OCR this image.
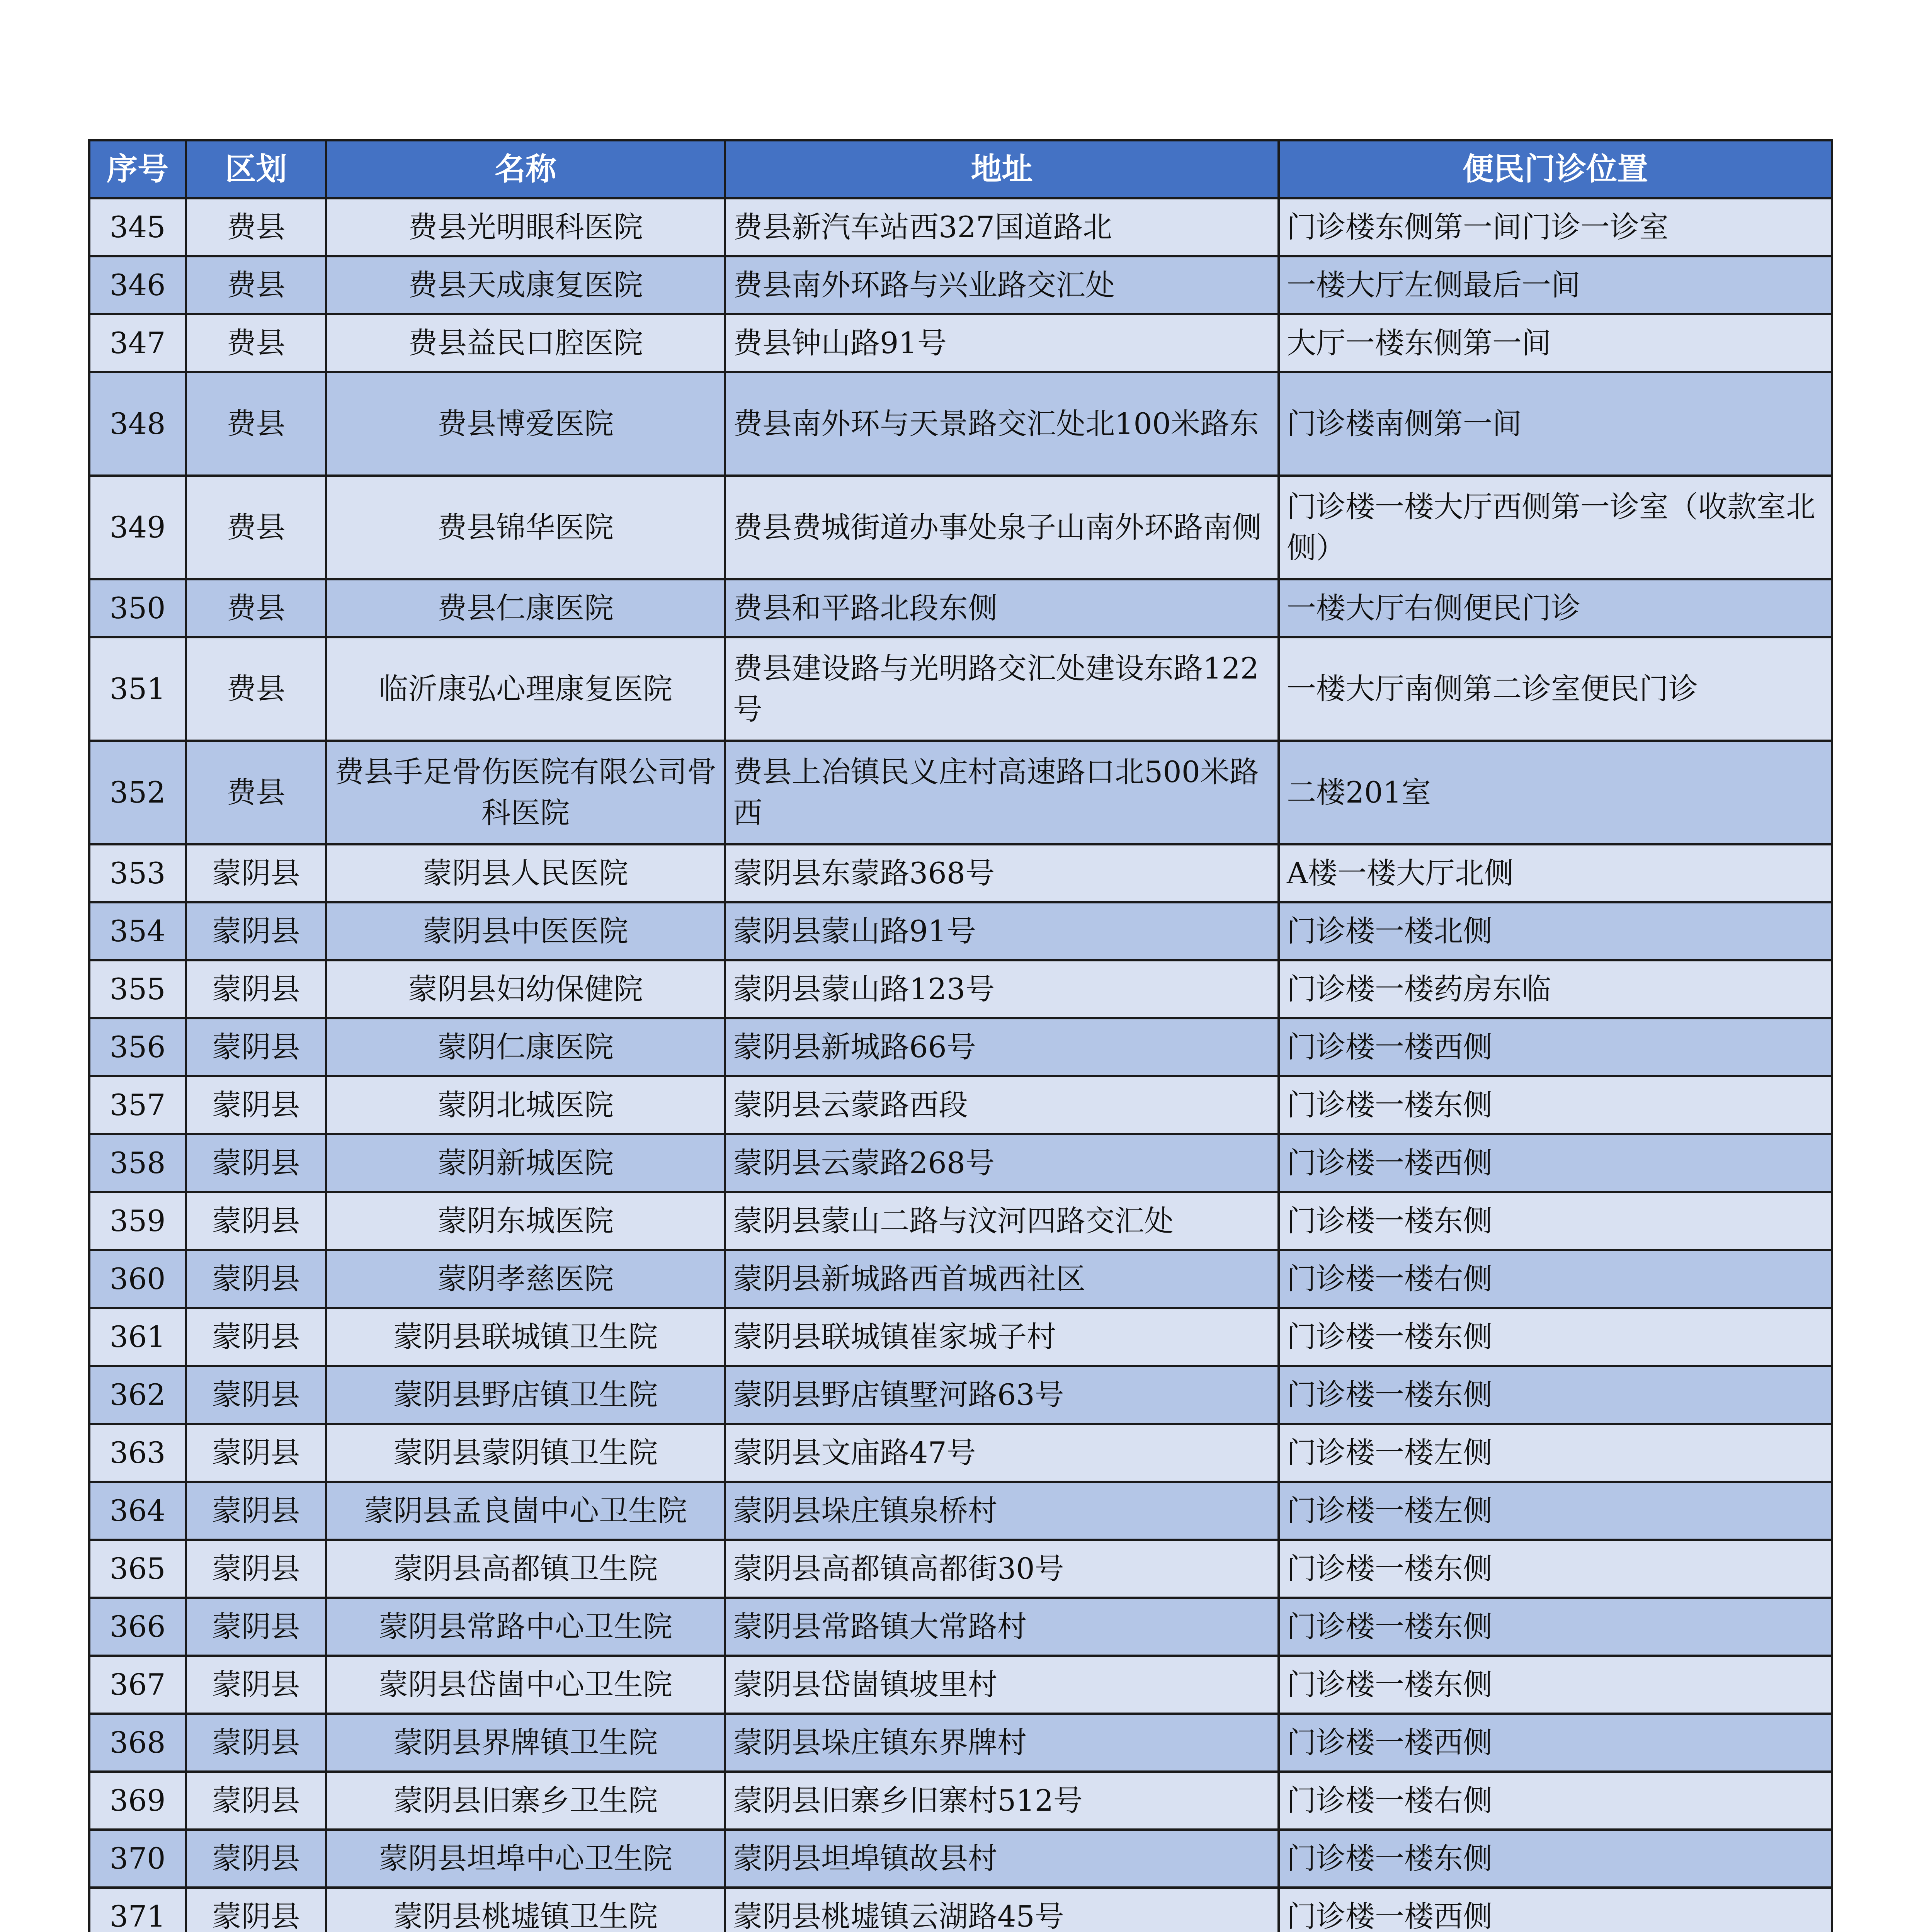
序号	区划	名称	地址	便民门诊位置
345	费县	费县光明眼科医院	费县新汽车站西327国道路北	门诊楼东侧第一间门诊一诊室
346	费县	费县天成康复医院	费县南外环路与兴业路交汇处	一楼大厅左侧最后一间
347	费县	费县益民口腔医院	费县钟山路91号	大厅一楼东侧第一间
348	费县	费县博爱医院	费县南外环与天景路交汇处北100米路东	门诊楼南侧第一间
349	费县	费县锦华医院	费县费城街道办事处泉子山南外环路南侧	门诊楼一楼大厅西侧第一诊室（收款室北侧）
350	费县	费县仁康医院	费县和平路北段东侧	一楼大厅右侧便民门诊
351	费县	临沂康弘心理康复医院	费县建设路与光明路交汇处建设东路122号	一楼大厅南侧第二诊室便民门诊
352	费县	费县手足骨伤医院有限公司骨科医院	费县上冶镇民义庄村高速路口北500米路西	二楼201室
353	蒙阴县	蒙阴县人民医院	蒙阴县东蒙路368号	A楼一楼大厅北侧
354	蒙阴县	蒙阴县中医医院	蒙阴县蒙山路91号	门诊楼一楼北侧
355	蒙阴县	蒙阴县妇幼保健院	蒙阴县蒙山路123号	门诊楼一楼药房东临
356	蒙阴县	蒙阴仁康医院	蒙阴县新城路66号	门诊楼一楼西侧
357	蒙阴县	蒙阴北城医院	蒙阴县云蒙路西段	门诊楼一楼东侧
358	蒙阴县	蒙阴新城医院	蒙阴县云蒙路268号	门诊楼一楼西侧
359	蒙阴县	蒙阴东城医院	蒙阴县蒙山二路与汶河四路交汇处	门诊楼一楼东侧
360	蒙阴县	蒙阴孝慈医院	蒙阴县新城路西首城西社区	门诊楼一楼右侧
361	蒙阴县	蒙阴县联城镇卫生院	蒙阴县联城镇崔家城子村	门诊楼一楼东侧
362	蒙阴县	蒙阴县野店镇卫生院	蒙阴县野店镇墅河路63号	门诊楼一楼东侧
363	蒙阴县	蒙阴县蒙阴镇卫生院	蒙阴县文庙路47号	门诊楼一楼左侧
364	蒙阴县	蒙阴县孟良崮中心卫生院	蒙阴县垛庄镇泉桥村	门诊楼一楼左侧
365	蒙阴县	蒙阴县高都镇卫生院	蒙阴县高都镇高都街30号	门诊楼一楼东侧
366	蒙阴县	蒙阴县常路中心卫生院	蒙阴县常路镇大常路村	门诊楼一楼东侧
367	蒙阴县	蒙阴县岱崮中心卫生院	蒙阴县岱崮镇坡里村	门诊楼一楼东侧
368	蒙阴县	蒙阴县界牌镇卫生院	蒙阴县垛庄镇东界牌村	门诊楼一楼西侧
369	蒙阴县	蒙阴县旧寨乡卫生院	蒙阴县旧寨乡旧寨村512号	门诊楼一楼右侧
370	蒙阴县	蒙阴县坦埠中心卫生院	蒙阴县坦埠镇故县村	门诊楼一楼东侧
371	蒙阴县	蒙阴县桃墟镇卫生院	蒙阴县桃墟镇云湖路45号	门诊楼一楼西侧
